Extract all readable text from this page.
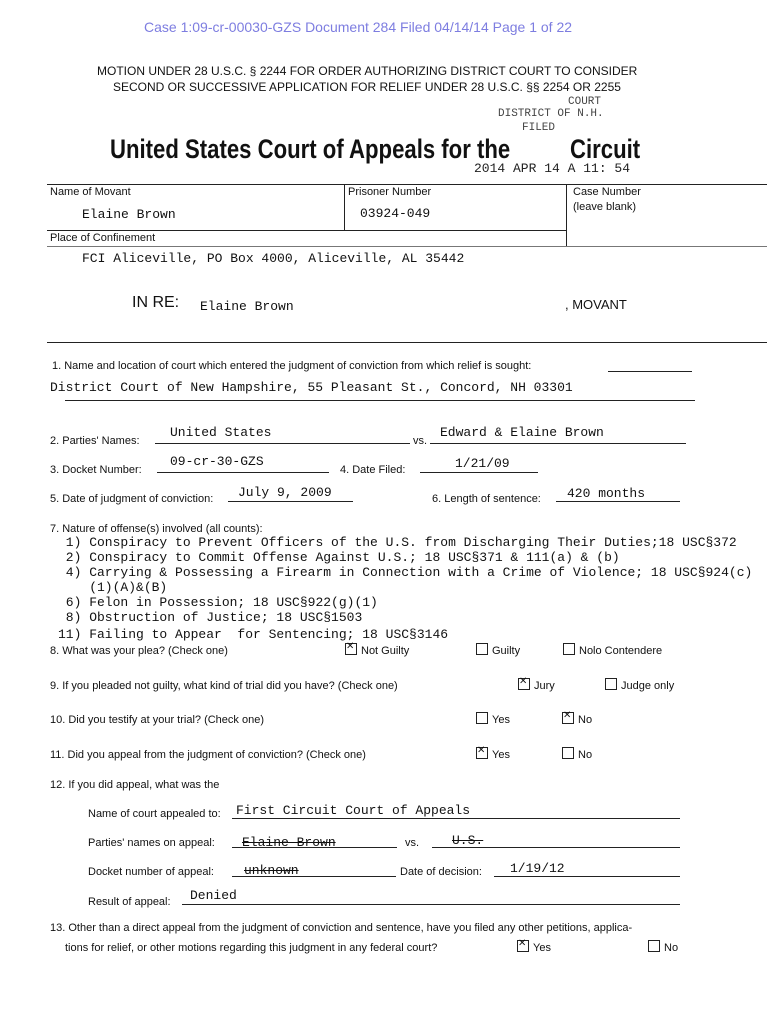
Case 1:09-cr-00030-GZS Document 284 Filed 04/14/14 Page 1 of 22
MOTION UNDER 28 U.S.C. § 2244 FOR ORDER AUTHORIZING DISTRICT COURT TO CONSIDER
SECOND OR SUCCESSIVE APPLICATION FOR RELIEF UNDER 28 U.S.C. §§ 2254 OR 2255
COURT
DISTRICT OF N.H.
FILED
2014 APR 14 A 11: 54
United States Court of Appeals for the Circuit
Name of Movant
Elaine Brown
Prisoner Number
03924-049
Case Number
(leave blank)
Place of Confinement
FCI Aliceville, PO Box 4000, Aliceville, AL 35442
IN RE: Elaine Brown	, MOVANT
1. Name and location of court which entered the judgment of conviction from which relief is sought:
District Court of New Hampshire, 55 Pleasant St., Concord, NH 03301
2. Parties' Names:
United States
vs.
Edward & Elaine Brown
3. Docket Number:
09-cr-30-GZS
4. Date Filed:	1/21/09
5. Date of judgment of conviction: July 9, 2009	6. Length of sentence: 420 months
7. Nature of offense(s) involved (all counts):
1) Conspiracy to Prevent Officers of the U.S. from Discharging Their Duties;18 USC§372
2) Conspiracy to Commit Offense Against U.S.; 18 USC§371 & 111(a) & (b)
4) Carrying & Possessing a Firearm in Connection with a Crime of Violence; 18 USC§924(c)
(1)(A)&(B)
6) Felon in Possession; 18 USC§922(g)(1)
8) Obstruction of Justice; 18 USC§1503
11) Failing to Appear  for Sentencing; 18 USC§3146
8. What was your plea? (Check one) ✕	Not Guilty	Guilty	Nolo Contendere
9. If you pleaded not guilty, what kind of trial did you have? (Check one) ✕	Jury	Judge only
10. Did you testify at your trial? (Check one)	Yes ✕	No
11. Did you appeal from the judgment of conviction? (Check one) ✕	Yes	No
12. If you did appeal, what was the
Name of court appealed to: First Circuit Court of Appeals
Parties' names on appeal: Elaine Brown	vs.	U.S.
Docket number of appeal: unknown	Date of decision: 1/19/12
Result of appeal: Denied
13. Other than a direct appeal from the judgment of conviction and sentence, have you filed any other petitions, applica-
tions for relief, or other motions regarding this judgment in any federal court? ✕	Yes	No
